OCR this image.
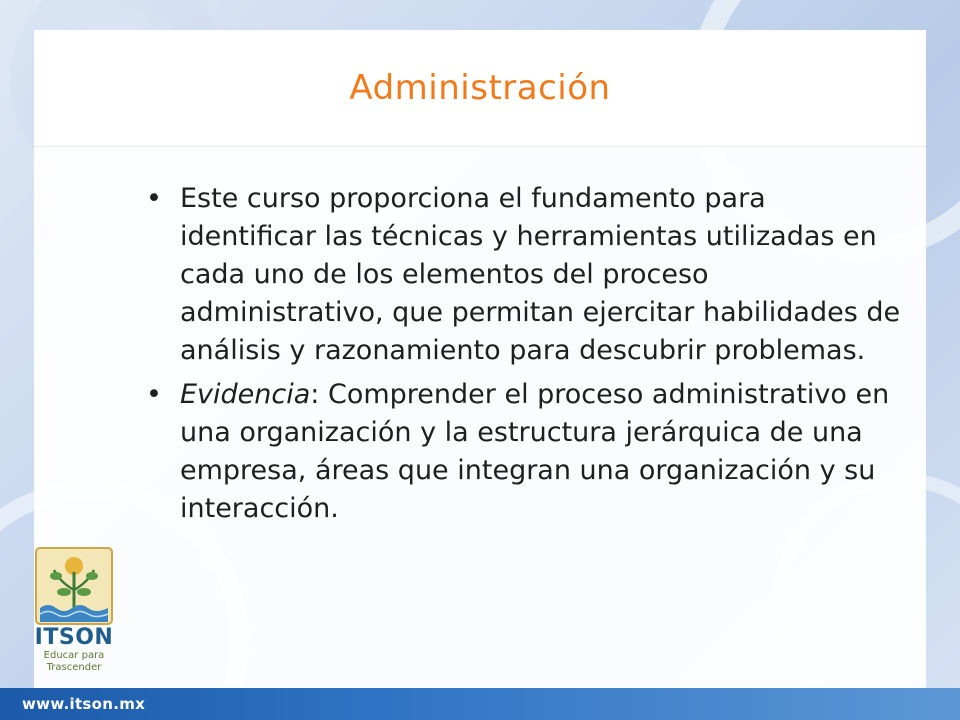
Administración
• Este curso proporciona el fundamento para identificar las técnicas y herramientas utilizadas en cada uno de los elementos del proceso administrativo, que permitan ejercitar habilidades de análisis y razonamiento para descubrir problemas.
• Evidencia: Comprender el proceso administrativo en una organización y la estructura jerárquica de una empresa, áreas que integran una organización y su interacción.
ITSON
Educar para
Trascender
www.itson.mx
